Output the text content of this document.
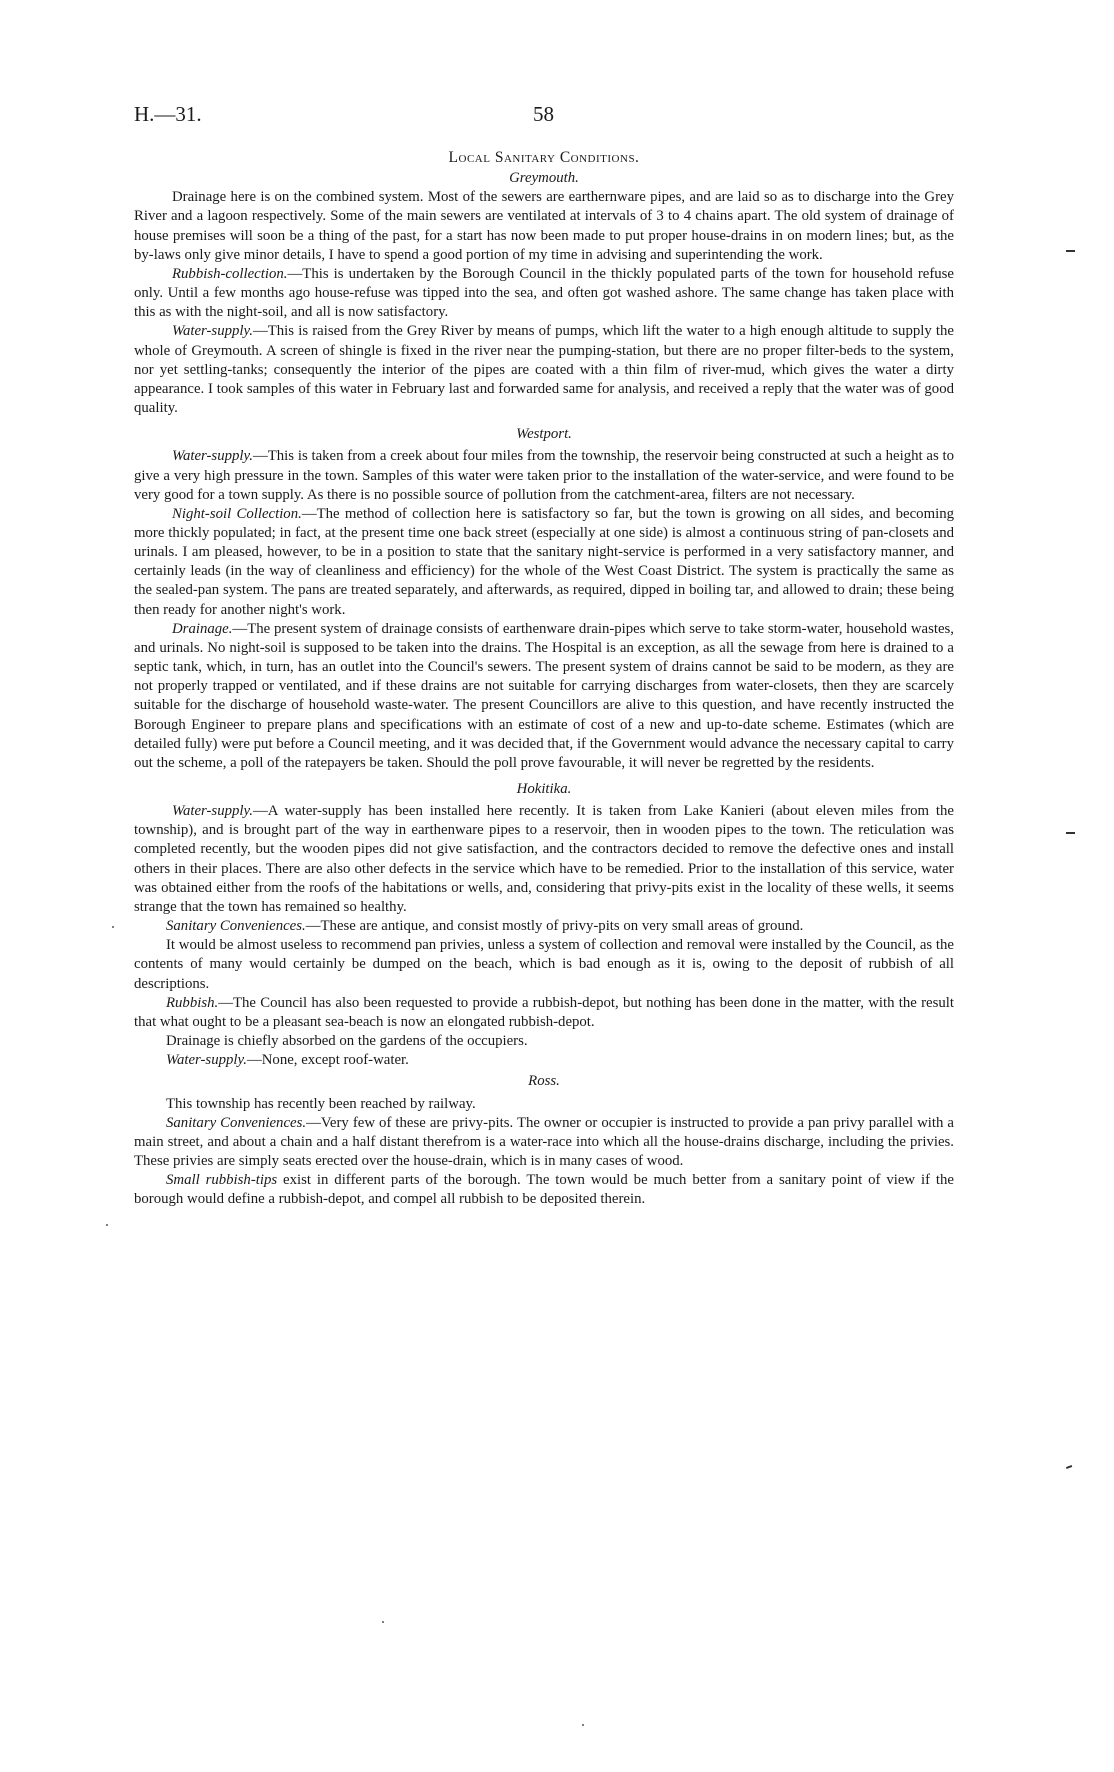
H.—31.	58
Local Sanitary Conditions.
Greymouth.

Drainage here is on the combined system. Most of the sewers are earthernware pipes, and are laid so as to discharge into the Grey River and a lagoon respectively. Some of the main sewers are ventilated at intervals of 3 to 4 chains apart. The old system of drainage of house premises will soon be a thing of the past, for a start has now been made to put proper house-drains in on modern lines; but, as the by-laws only give minor details, I have to spend a good portion of my time in advising and superintending the work.

Rubbish-collection.—This is undertaken by the Borough Council in the thickly populated parts of the town for household refuse only. Until a few months ago house-refuse was tipped into the sea, and often got washed ashore. The same change has taken place with this as with the night-soil, and all is now satisfactory.

Water-supply.—This is raised from the Grey River by means of pumps, which lift the water to a high enough altitude to supply the whole of Greymouth. A screen of shingle is fixed in the river near the pumping-station, but there are no proper filter-beds to the system, nor yet settling-tanks; consequently the interior of the pipes are coated with a thin film of river-mud, which gives the water a dirty appearance. I took samples of this water in February last and forwarded same for analysis, and received a reply that the water was of good quality.

Westport.

Water-supply.—This is taken from a creek about four miles from the township, the reservoir being constructed at such a height as to give a very high pressure in the town. Samples of this water were taken prior to the installation of the water-service, and were found to be very good for a town supply. As there is no possible source of pollution from the catchment-area, filters are not necessary.

Night-soil Collection.—The method of collection here is satisfactory so far, but the town is growing on all sides, and becoming more thickly populated; in fact, at the present time one back street (especially at one side) is almost a continuous string of pan-closets and urinals. I am pleased, however, to be in a position to state that the sanitary night-service is performed in a very satisfactory manner, and certainly leads (in the way of cleanliness and efficiency) for the whole of the West Coast District. The system is practically the same as the sealed-pan system. The pans are treated separately, and afterwards, as required, dipped in boiling tar, and allowed to drain; these being then ready for another night's work.

Drainage.—The present system of drainage consists of earthenware drain-pipes which serve to take storm-water, household wastes, and urinals. No night-soil is supposed to be taken into the drains. The Hospital is an exception, as all the sewage from here is drained to a septic tank, which, in turn, has an outlet into the Council's sewers. The present system of drains cannot be said to be modern, as they are not properly trapped or ventilated, and if these drains are not suitable for carrying discharges from water-closets, then they are scarcely suitable for the discharge of household waste-water. The present Councillors are alive to this question, and have recently instructed the Borough Engineer to prepare plans and specifications with an estimate of cost of a new and up-to-date scheme. Estimates (which are detailed fully) were put before a Council meeting, and it was decided that, if the Government would advance the necessary capital to carry out the scheme, a poll of the ratepayers be taken. Should the poll prove favourable, it will never be regretted by the residents.

Hokitika.

Water-supply.—A water-supply has been installed here recently. It is taken from Lake Kanieri (about eleven miles from the township), and is brought part of the way in earthenware pipes to a reservoir, then in wooden pipes to the town. The reticulation was completed recently, but the wooden pipes did not give satisfaction, and the contractors decided to remove the defective ones and install others in their places. There are also other defects in the service which have to be remedied. Prior to the installation of this service, water was obtained either from the roofs of the habitations or wells, and, considering that privy-pits exist in the locality of these wells, it seems strange that the town has remained so healthy.

Sanitary Conveniences.—These are antique, and consist mostly of privy-pits on very small areas of ground.

It would be almost useless to recommend pan privies, unless a system of collection and removal were installed by the Council, as the contents of many would certainly be dumped on the beach, which is bad enough as it is, owing to the deposit of rubbish of all descriptions.

Rubbish.—The Council has also been requested to provide a rubbish-depot, but nothing has been done in the matter, with the result that what ought to be a pleasant sea-beach is now an elongated rubbish-depot.

Drainage is chiefly absorbed on the gardens of the occupiers.

Water-supply.—None, except roof-water.

Ross.

This township has recently been reached by railway.

Sanitary Conveniences.—Very few of these are privy-pits. The owner or occupier is instructed to provide a pan privy parallel with a main street, and about a chain and a half distant therefrom is a water-race into which all the house-drains discharge, including the privies. These privies are simply seats erected over the house-drain, which is in many cases of wood.

Small rubbish-tips exist in different parts of the borough. The town would be much better from a sanitary point of view if the borough would define a rubbish-depot, and compel all rubbish to be deposited therein.
